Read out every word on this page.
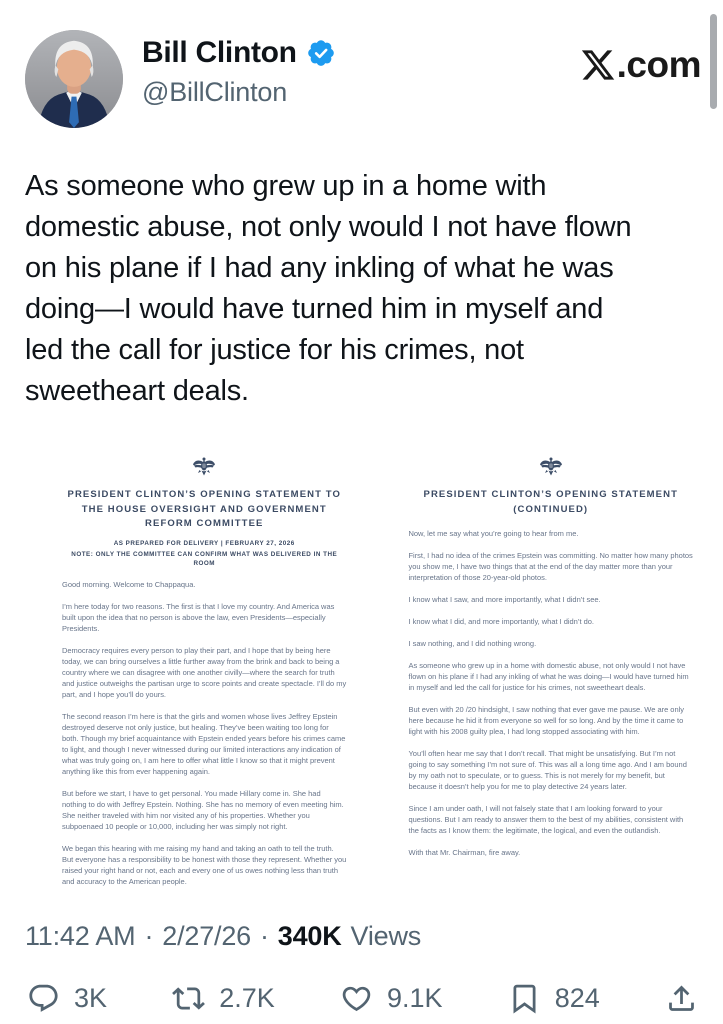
Bill Clinton
@BillClinton
.com
As someone who grew up in a home with
domestic abuse, not only would I not have flown
on his plane if I had any inkling of what he was
doing—I would have turned him in myself and
led the call for justice for his crimes, not
sweetheart deals.
PRESIDENT CLINTON’S OPENING STATEMENT TO
THE HOUSE OVERSIGHT AND GOVERNMENT
REFORM COMMITTEE
AS PREPARED FOR DELIVERY | FEBRUARY 27, 2026
NOTE: ONLY THE COMMITTEE CAN CONFIRM WHAT WAS DELIVERED IN THE ROOM

Good morning. Welcome to Chappaqua.

I’m here today for two reasons. The first is that I love my country. And America was built upon the idea that no person is above the law, even Presidents—especially Presidents.

Democracy requires every person to play their part, and I hope that by being here today, we can bring ourselves a little further away from the brink and back to being a country where we can disagree with one another civilly—where the search for truth and justice outweighs the partisan urge to score points and create spectacle. I’ll do my part, and I hope you’ll do yours.

The second reason I’m here is that the girls and women whose lives Jeffrey Epstein destroyed deserve not only justice, but healing. They’ve been waiting too long for both. Though my brief acquaintance with Epstein ended years before his crimes came to light, and though I never witnessed during our limited interactions any indication of what was truly going on, I am here to offer what little I know so that it might prevent anything like this from ever happening again.

But before we start, I have to get personal. You made Hillary come in. She had nothing to do with Jeffrey Epstein. Nothing. She has no memory of even meeting him. She neither traveled with him nor visited any of his properties. Whether you subpoenaed 10 people or 10,000, including her was simply not right.

We began this hearing with me raising my hand and taking an oath to tell the truth. But everyone has a responsibility to be honest with those they represent. Whether you raised your right hand or not, each and every one of us owes nothing less than truth and accuracy to the American people.

PRESIDENT CLINTON’S OPENING STATEMENT
(CONTINUED)

Now, let me say what you’re going to hear from me.

First, I had no idea of the crimes Epstein was committing. No matter how many photos you show me, I have two things that at the end of the day matter more than your interpretation of those 20-year-old photos.

I know what I saw, and more importantly, what I didn’t see.

I know what I did, and more importantly, what I didn’t do.

I saw nothing, and I did nothing wrong.

As someone who grew up in a home with domestic abuse, not only would I not have flown on his plane if I had any inkling of what he was doing—I would have turned him in myself and led the call for justice for his crimes, not sweetheart deals.

But even with 20 /20 hindsight, I saw nothing that ever gave me pause. We are only here because he hid it from everyone so well for so long. And by the time it came to light with his 2008 guilty plea, I had long stopped associating with him.

You’ll often hear me say that I don’t recall. That might be unsatisfying. But I’m not going to say something I’m not sure of. This was all a long time ago. And I am bound by my oath not to speculate, or to guess. This is not merely for my benefit, but because it doesn’t help you for me to play detective 24 years later.

Since I am under oath, I will not falsely state that I am looking forward to your questions. But I am ready to answer them to the best of my abilities, consistent with the facts as I know them: the legitimate, the logical, and even the outlandish.

With that Mr. Chairman, fire away.

11:42 AM · 2/27/26 · 340K Views
3K	2.7K	9.1K	824
